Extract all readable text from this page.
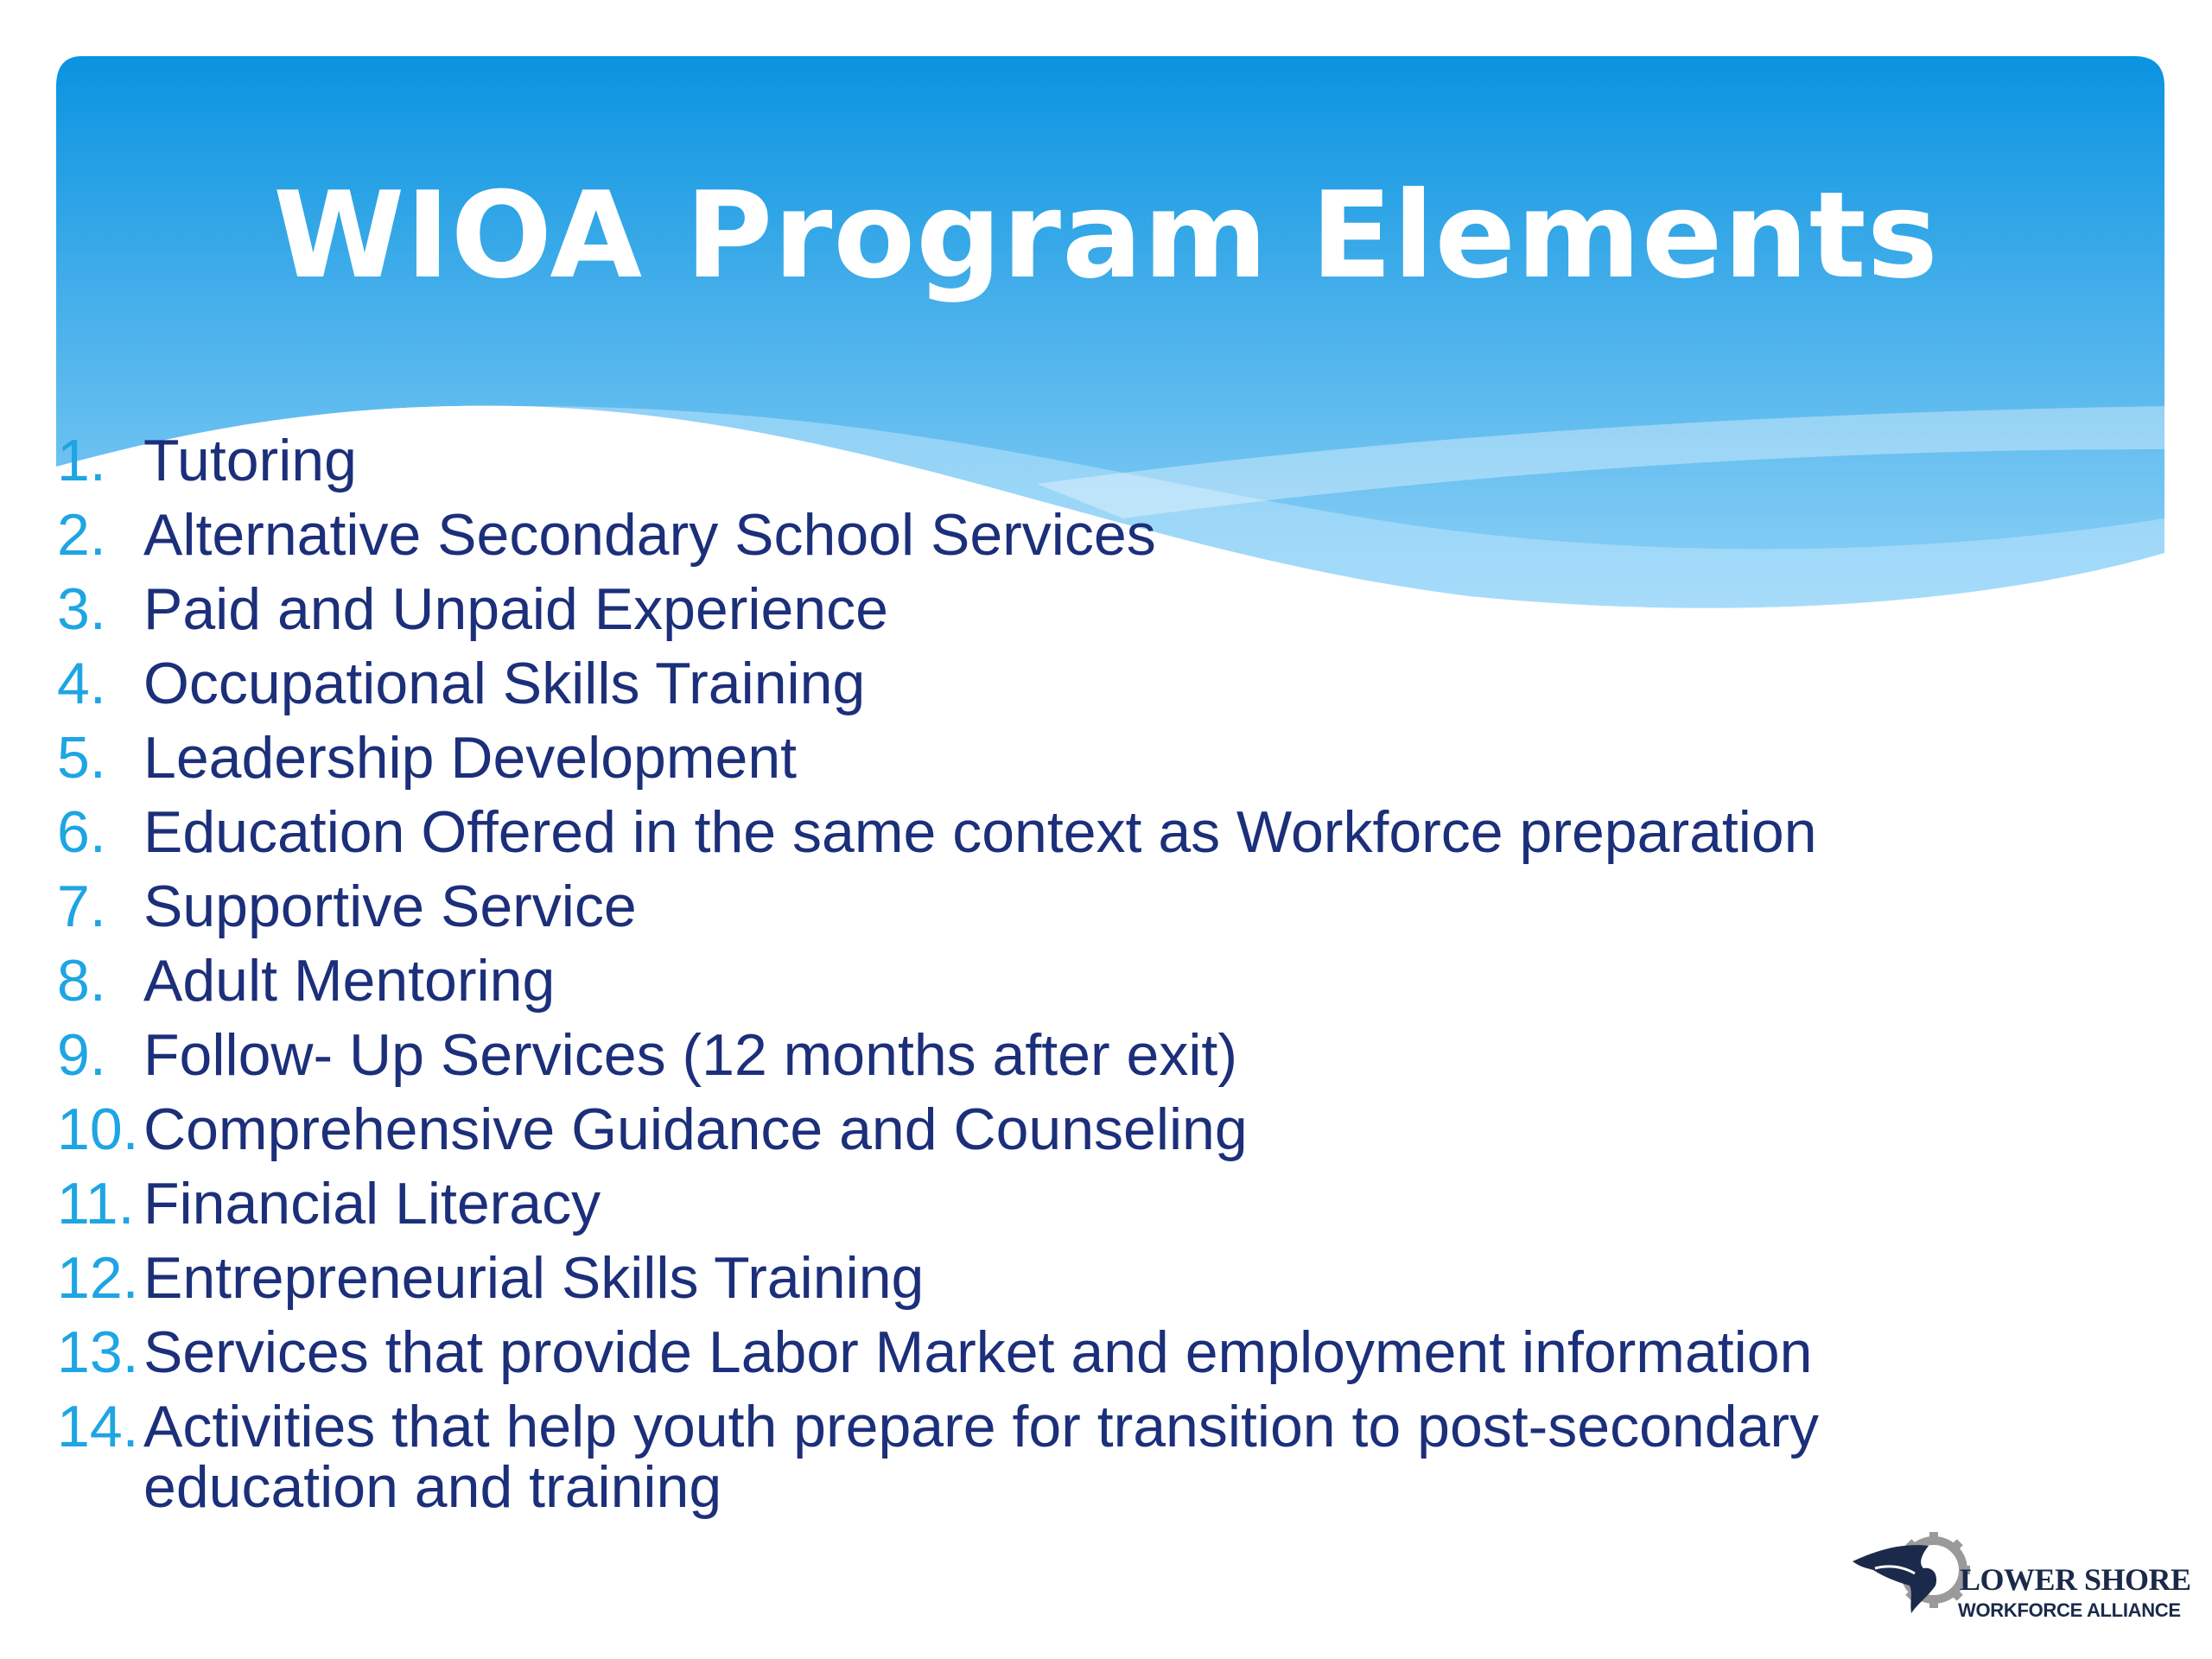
WIOA Program Elements
1. Tutoring
2. Alternative Secondary School Services
3. Paid and Unpaid Experience
4. Occupational Skills Training
5. Leadership Development
6. Education Offered in the same context as Workforce preparation
7. Supportive Service
8. Adult Mentoring
9. Follow- Up Services (12 months after exit)
10. Comprehensive Guidance and Counseling
11. Financial Literacy
12. Entrepreneurial Skills Training
13. Services that provide Labor Market and employment information
14. Activities that help youth prepare for transition to post-secondary education and training
LOWER SHORE
WORKFORCE ALLIANCE
